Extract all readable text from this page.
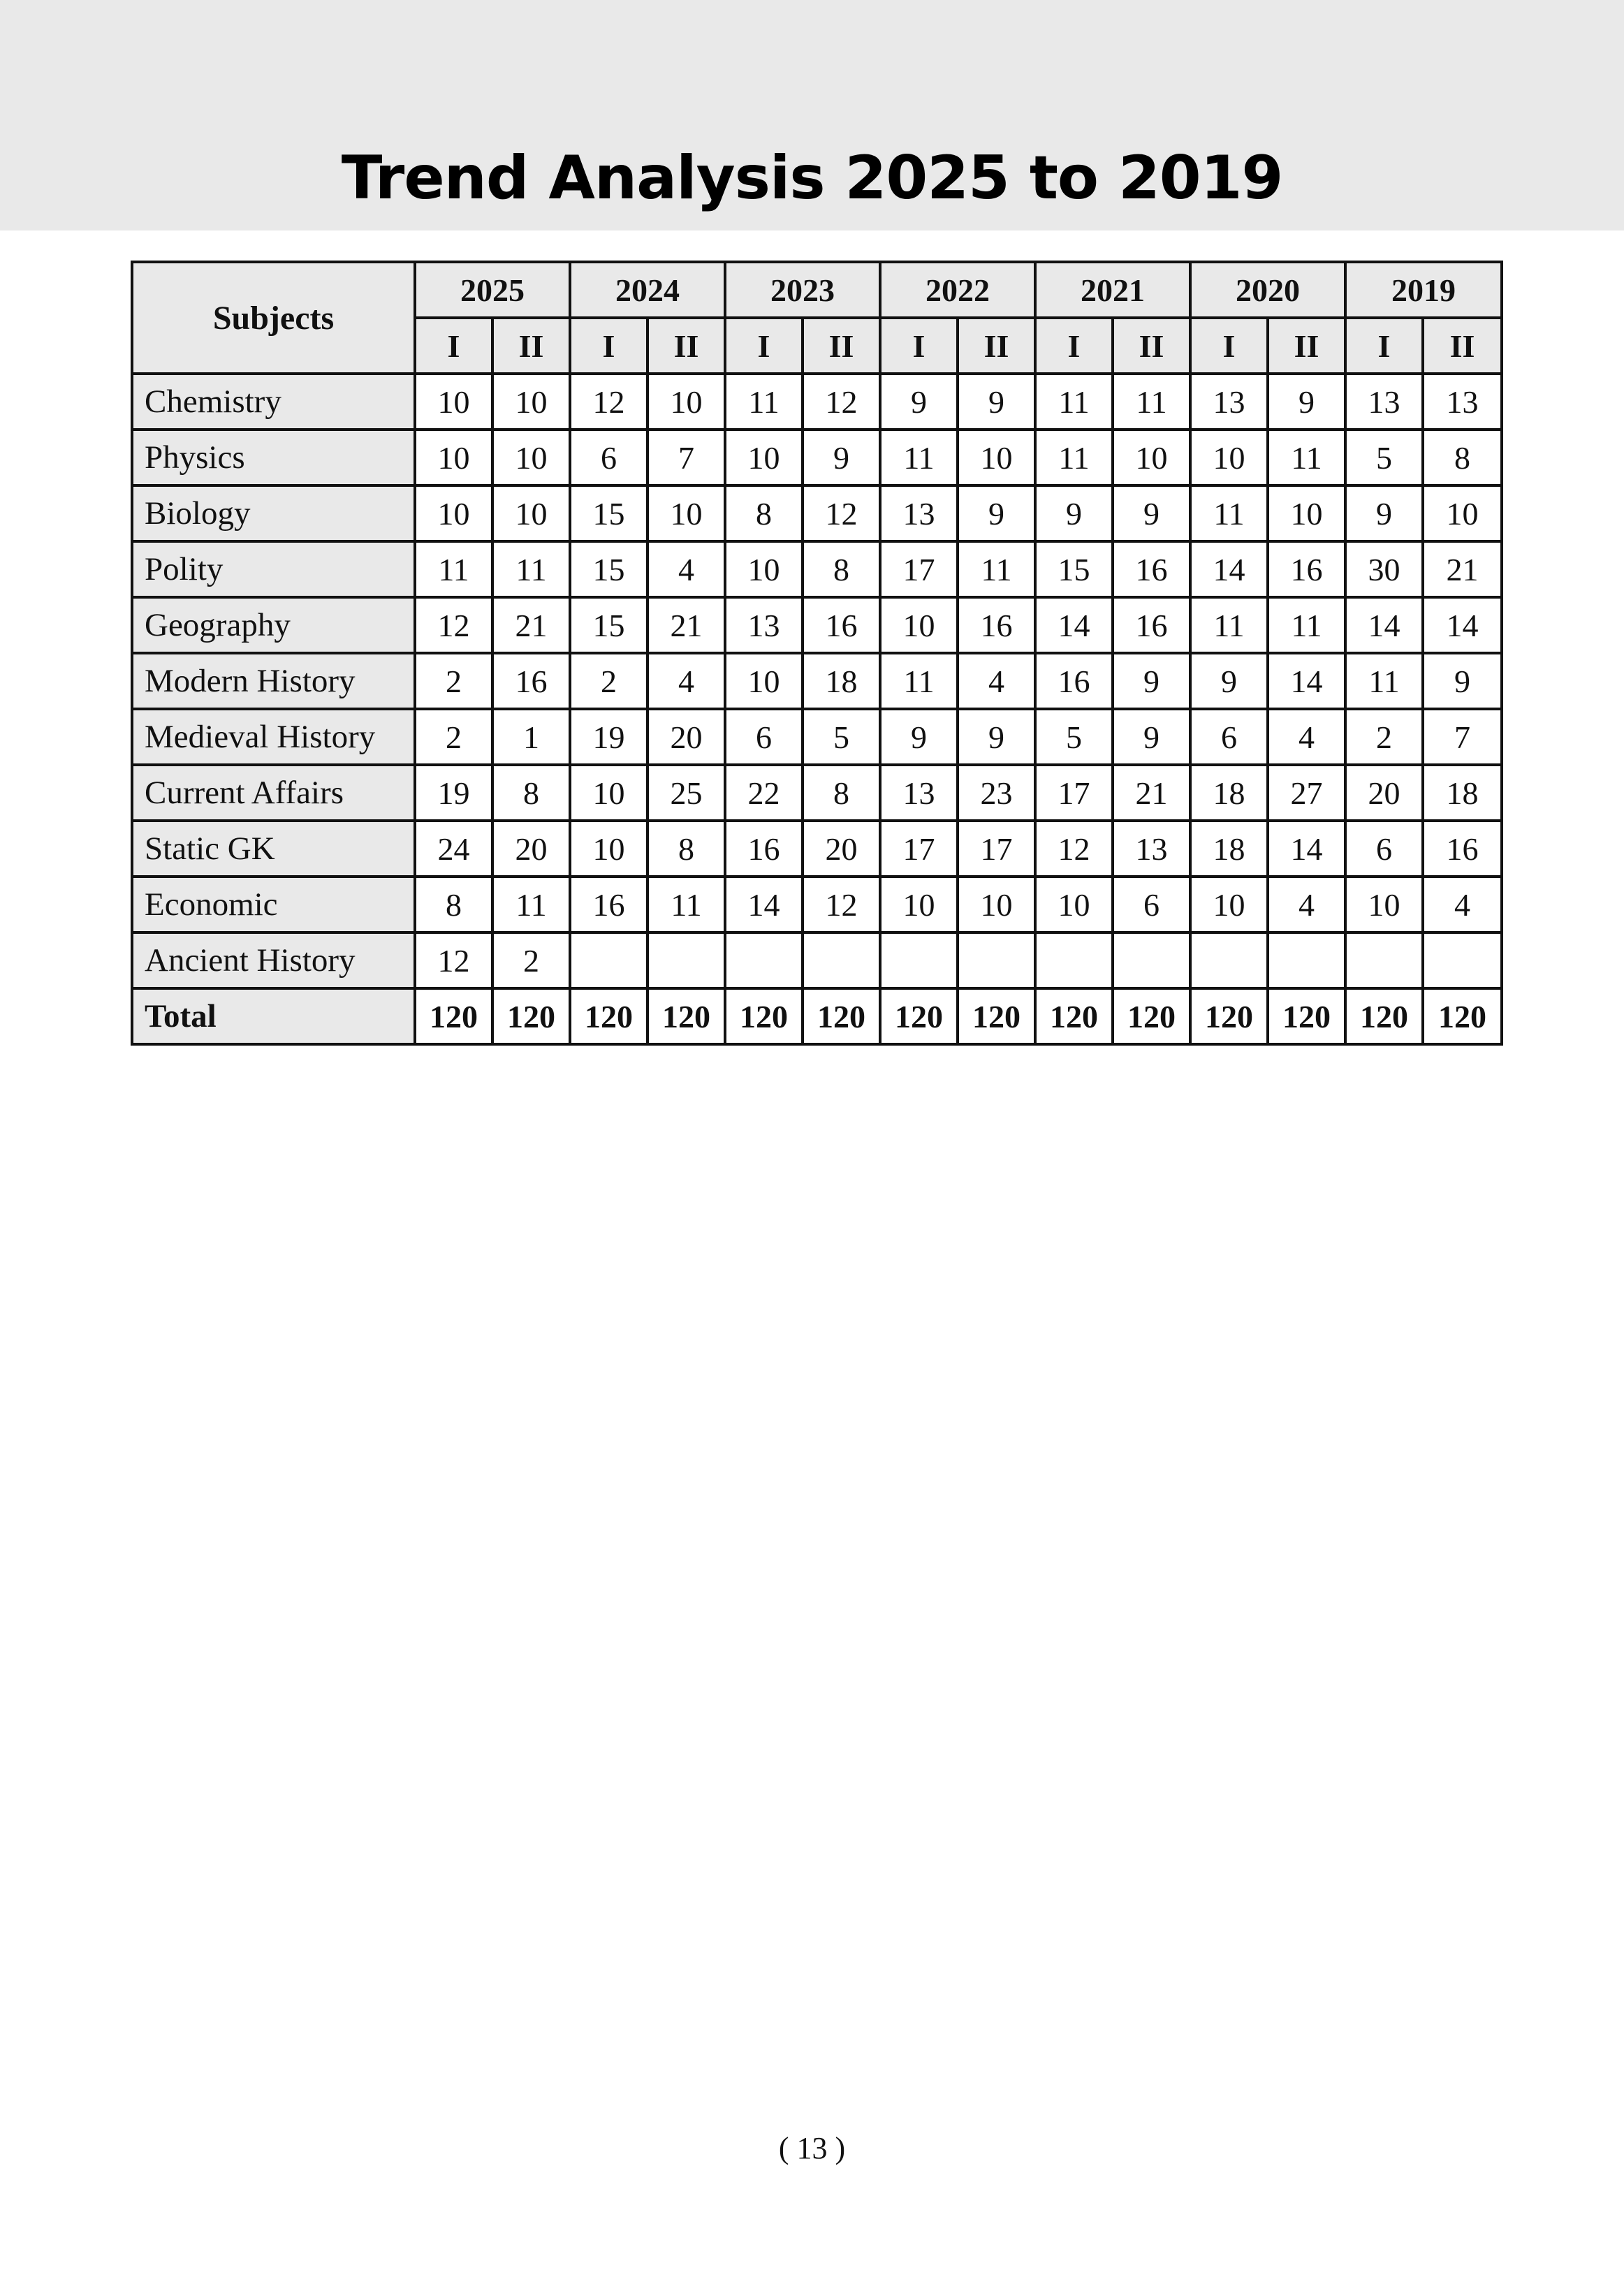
Trend Analysis 2025 to 2019
Subjects	2025		2024		2023		2022		2021		2020		2019	
	I	II	I	II	I	II	I	II	I	II	I	II	I	II
Chemistry	10	10	12	10	11	12	9	9	11	11	13	9	13	13
Physics	10	10	6	7	10	9	11	10	11	10	10	11	5	8
Biology	10	10	15	10	8	12	13	9	9	9	11	10	9	10
Polity	11	11	15	4	10	8	17	11	15	16	14	16	30	21
Geography	12	21	15	21	13	16	10	16	14	16	11	11	14	14
Modern History	2	16	2	4	10	18	11	4	16	9	9	14	11	9
Medieval History	2	1	19	20	6	5	9	9	5	9	6	4	2	7
Current Affairs	19	8	10	25	22	8	13	23	17	21	18	27	20	18
Static GK	24	20	10	8	16	20	17	17	12	13	18	14	6	16
Economic	8	11	16	11	14	12	10	10	10	6	10	4	10	4
Ancient History	12	2												
Total	120	120	120	120	120	120	120	120	120	120	120	120	120	120
( 13 )
